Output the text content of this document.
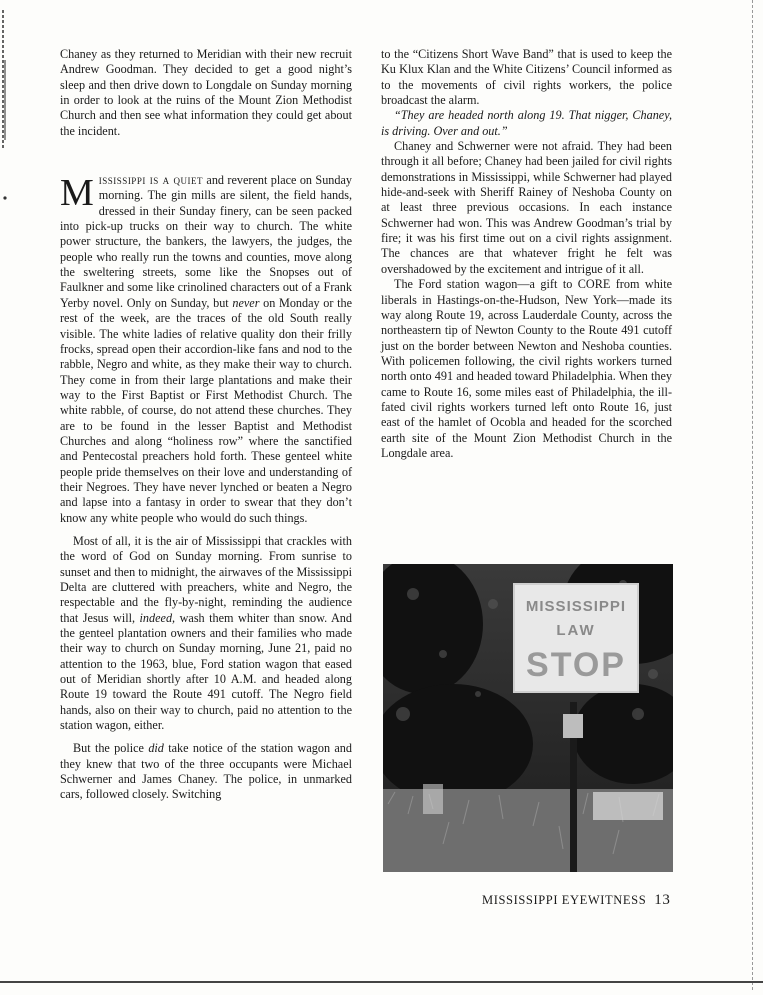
Chaney as they returned to Meridian with their new recruit Andrew Goodman. They decided to get a good night’s sleep and then drive down to Longdale on Sunday morning in order to look at the ruins of the Mount Zion Methodist Church and then see what information they could get about the incident.

Mississippi is a quiet and reverent place on Sunday morning. The gin mills are silent, the field hands, dressed in their Sunday finery, can be seen packed into pick-up trucks on their way to church. The white power structure, the bankers, the lawyers, the judges, the people who really run the towns and counties, move along the sweltering streets, some like the Snopses out of Faulkner and some like crinolined characters out of a Frank Yerby novel. Only on Sunday, but never on Monday or the rest of the week, are the traces of the old South really visible. The white ladies of relative quality don their frilly frocks, spread open their accordion-like fans and nod to the rabble, Negro and white, as they make their way to church. They come in from their large plantations and make their way to the First Baptist or First Methodist Church. The white rabble, of course, do not attend these churches. They are to be found in the lesser Baptist and Methodist Churches and along “holiness row” where the sanctified and Pentecostal preachers hold forth. These genteel white people pride themselves on their love and understanding of their Negroes. They have never lynched or beaten a Negro and lapse into a fantasy in order to swear that they don’t know any white people who would do such things.

Most of all, it is the air of Mississippi that crackles with the word of God on Sunday morning. From sunrise to sunset and then to midnight, the airwaves of the Mississippi Delta are cluttered with preachers, white and Negro, the respectable and the fly-by-night, reminding the audience that Jesus will, indeed, wash them whiter than snow. And the genteel plantation owners and their families who made their way to church on Sunday morning, June 21, paid no attention to the 1963, blue, Ford station wagon that eased out of Meridian shortly after 10 A.M. and headed along Route 19 toward the Route 491 cutoff. The Negro field hands, also on their way to church, paid no attention to the station wagon, either.

But the police did take notice of the station wagon and they knew that two of the three occupants were Michael Schwerner and James Chaney. The police, in unmarked cars, followed closely. Switching

to the “Citizens Short Wave Band” that is used to keep the Ku Klux Klan and the White Citizens’ Council informed as to the movements of civil rights workers, the police broadcast the alarm.

“They are headed north along 19. That nigger, Chaney, is driving. Over and out.”

Chaney and Schwerner were not afraid. They had been through it all before; Chaney had been jailed for civil rights demonstrations in Mississippi, while Schwerner had played hide-and-seek with Sheriff Rainey of Neshoba County on at least three previous occasions. In each instance Schwerner had won. This was Andrew Goodman’s trial by fire; it was his first time out on a civil rights assignment. The chances are that whatever fright he felt was overshadowed by the excitement and intrigue of it all.

The Ford station wagon—a gift to CORE from white liberals in Hastings-on-the-Hudson, New York—made its way along Route 19, across Lauderdale County, across the northeastern tip of Newton County to the Route 491 cutoff just on the border between Newton and Neshoba counties. With policemen following, the civil rights workers turned north onto 491 and headed toward Philadelphia. When they came to Route 16, some miles east of Philadelphia, the ill-fated civil rights workers turned left onto Route 16, just east of the hamlet of Ocobla and headed for the scorched earth site of the Mount Zion Methodist Church in the Longdale area.

MISSISSIPPI
LAW
STOP
MISSISSIPPI EYEWITNESS 13
